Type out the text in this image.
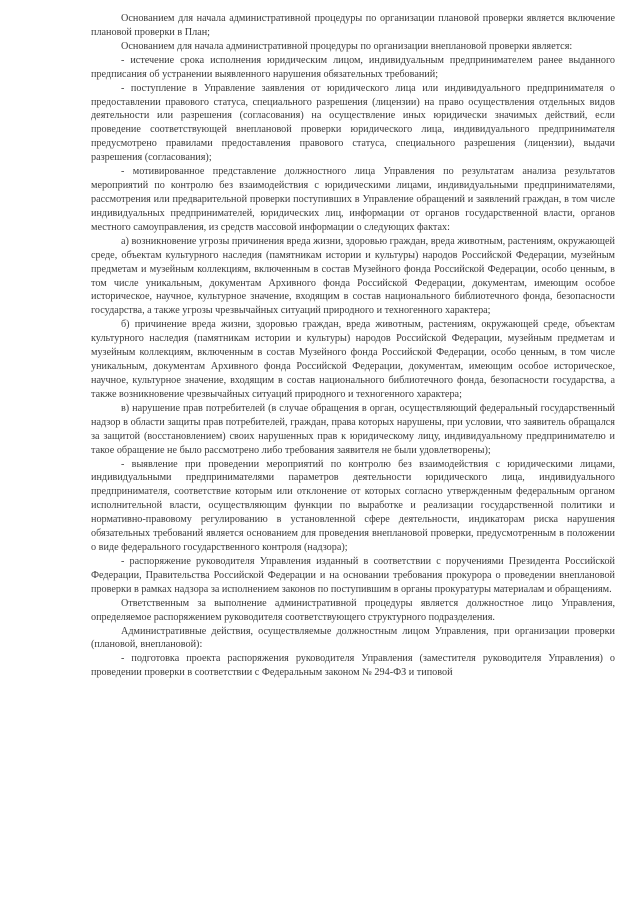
Основанием для начала административной процедуры по организации плановой проверки является включение плановой проверки в План;

Основанием для начала административной процедуры по организации внеплановой проверки является:

- истечение срока исполнения юридическим лицом, индивидуальным предпринимателем ранее выданного предписания об устранении выявленного нарушения обязательных требований;

- поступление в Управление заявления от юридического лица или индивидуального предпринимателя о предоставлении правового статуса, специального разрешения (лицензии) на право осуществления отдельных видов деятельности или разрешения (согласования) на осуществление иных юридически значимых действий, если проведение соответствующей внеплановой проверки юридического лица, индивидуального предпринимателя предусмотрено правилами предоставления правового статуса, специального разрешения (лицензии), выдачи разрешения (согласования);

- мотивированное представление должностного лица Управления по результатам анализа результатов мероприятий по контролю без взаимодействия с юридическими лицами, индивидуальными предпринимателями, рассмотрения или предварительной проверки поступивших в Управление обращений и заявлений граждан, в том числе индивидуальных предпринимателей, юридических лиц, информации от органов государственной власти, органов местного самоуправления, из средств массовой информации о следующих фактах:

а) возникновение угрозы причинения вреда жизни, здоровью граждан, вреда животным, растениям, окружающей среде, объектам культурного наследия (памятникам истории и культуры) народов Российской Федерации, музейным предметам и музейным коллекциям, включенным в состав Музейного фонда Российской Федерации, особо ценным, в том числе уникальным, документам Архивного фонда Российской Федерации, документам, имеющим особое историческое, научное, культурное значение, входящим в состав национального библиотечного фонда, безопасности государства, а также угрозы чрезвычайных ситуаций природного и техногенного характера;

б) причинение вреда жизни, здоровью граждан, вреда животным, растениям, окружающей среде, объектам культурного наследия (памятникам истории и культуры) народов Российской Федерации, музейным предметам и музейным коллекциям, включенным в состав Музейного фонда Российской Федерации, особо ценным, в том числе уникальным, документам Архивного фонда Российской Федерации, документам, имеющим особое историческое, научное, культурное значение, входящим в состав национального библиотечного фонда, безопасности государства, а также возникновение чрезвычайных ситуаций природного и техногенного характера;

в) нарушение прав потребителей (в случае обращения в орган, осуществляющий федеральный государственный надзор в области защиты прав потребителей, граждан, права которых нарушены, при условии, что заявитель обращался за защитой (восстановлением) своих нарушенных прав к юридическому лицу, индивидуальному предпринимателю и такое обращение не было рассмотрено либо требования заявителя не были удовлетворены);

- выявление при проведении мероприятий по контролю без взаимодействия с юридическими лицами, индивидуальными предпринимателями параметров деятельности юридического лица, индивидуального предпринимателя, соответствие которым или отклонение от которых согласно утвержденным федеральным органом исполнительной власти, осуществляющим функции по выработке и реализации государственной политики и нормативно-правовому регулированию в установленной сфере деятельности, индикаторам риска нарушения обязательных требований является основанием для проведения внеплановой проверки, предусмотренным в положении о виде федерального государственного контроля (надзора);

- распоряжение руководителя Управления изданный в соответствии с поручениями Президента Российской Федерации, Правительства Российской Федерации и на основании требования прокурора о проведении внеплановой проверки в рамках надзора за исполнением законов по поступившим в органы прокуратуры материалам и обращениям.

Ответственным за выполнение административной процедуры является должностное лицо Управления, определяемое распоряжением руководителя соответствующего структурного подразделения.

Административные действия, осуществляемые должностным лицом Управления, при организации проверки (плановой, внеплановой):

- подготовка проекта распоряжения руководителя Управления (заместителя руководителя Управления) о проведении проверки в соответствии с Федеральным законом № 294-ФЗ и типовой
